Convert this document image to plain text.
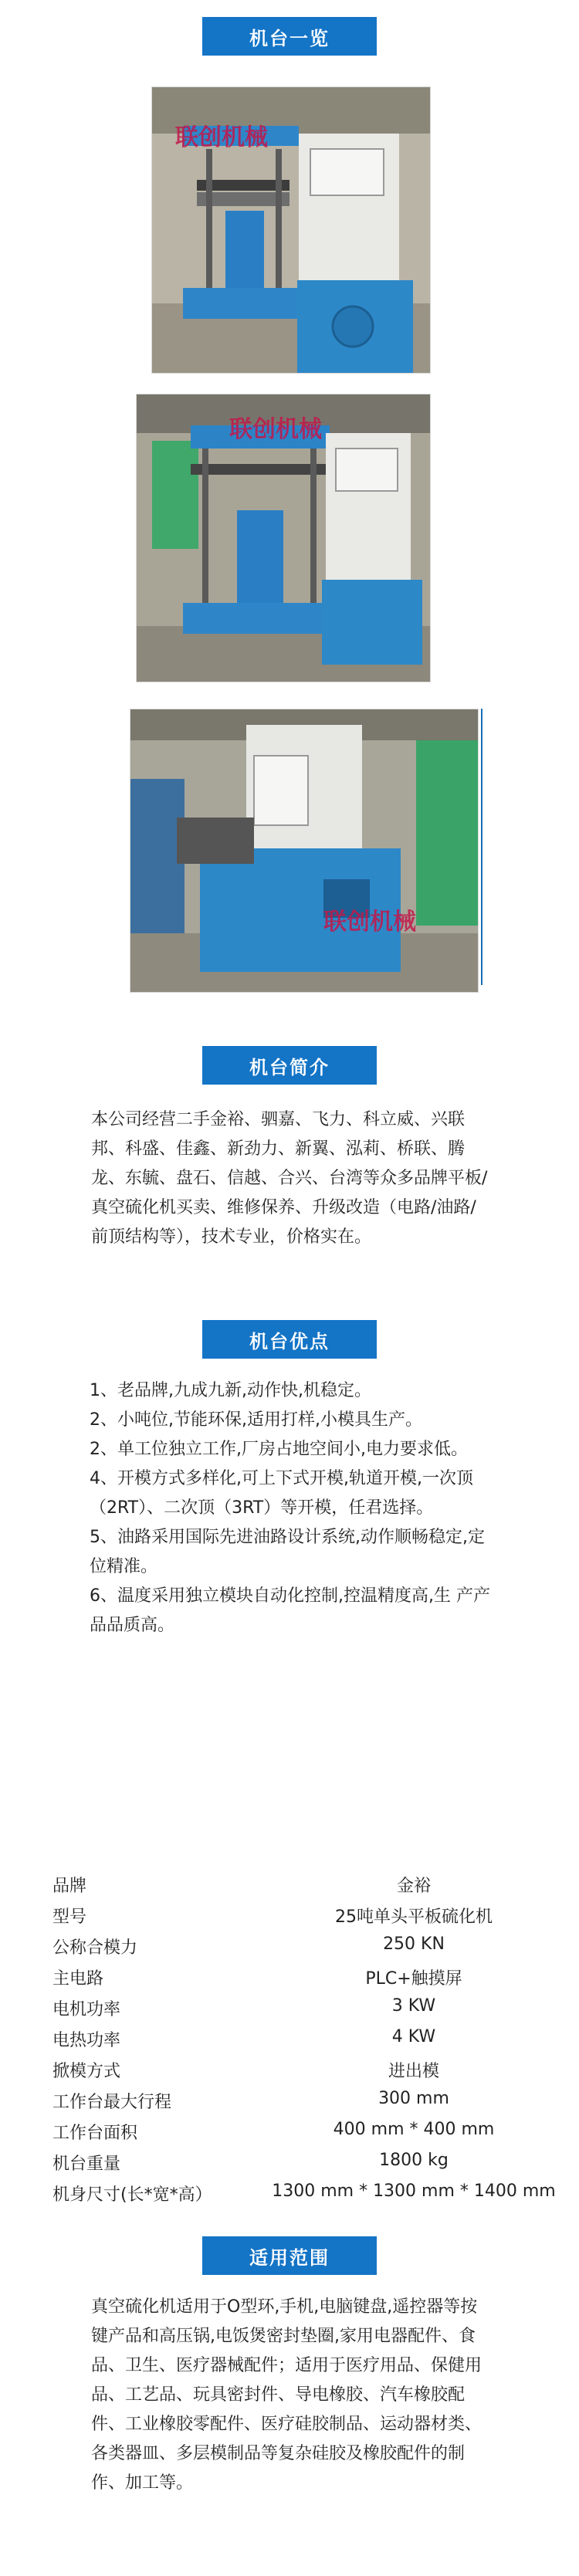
机台一览
联创机械
联创机械
联创机械
机台简介
本公司经营二手金裕、驷嘉、飞力、科立威、兴联邦、科盛、佳鑫、新劲力、新翼、泓莉、桥联、腾龙、东毓、盘石、信越、合兴、台湾等众多品牌平板/真空硫化机买卖、维修保养、升级改造（电路/油路/前顶结构等），技术专业，价格实在。
机台优点

1、老品牌,九成九新,动作快,机稳定。

2、小吨位,节能环保,适用打样,小模具生产。

2、单工位独立工作,厂房占地空间小,电力要求低。

4、开模方式多样化,可上下式开模,轨道开模,一次顶（2RT）、二次顶（3RT）等开模，任君选择。

5、油路采用国际先进油路设计系统,动作顺畅稳定,定位精准。

6、温度采用独立模块自动化控制,控温精度高,生 产产品品质高。

品牌	金裕
型号	25吨单头平板硫化机
公称合模力	250 KN
主电路	PLC+触摸屏
电机功率	3 KW
电热功率	4 KW
掀模方式	进出模
工作台最大行程	300 mm
工作台面积	400 mm * 400 mm
机台重量	1800 kg
机身尺寸(长*宽*高）	1300 mm * 1300 mm * 1400 mm
适用范围
真空硫化机适用于O型环,手机,电脑键盘,遥控器等按键产品和高压锅,电饭煲密封垫圈,家用电器配件、食品、卫生、医疗器械配件；适用于医疗用品、保健用品、工艺品、玩具密封件、导电橡胶、汽车橡胶配件、工业橡胶零配件、医疗硅胶制品、运动器材类、各类器皿、多层模制品等复杂硅胶及橡胶配件的制作、加工等。
